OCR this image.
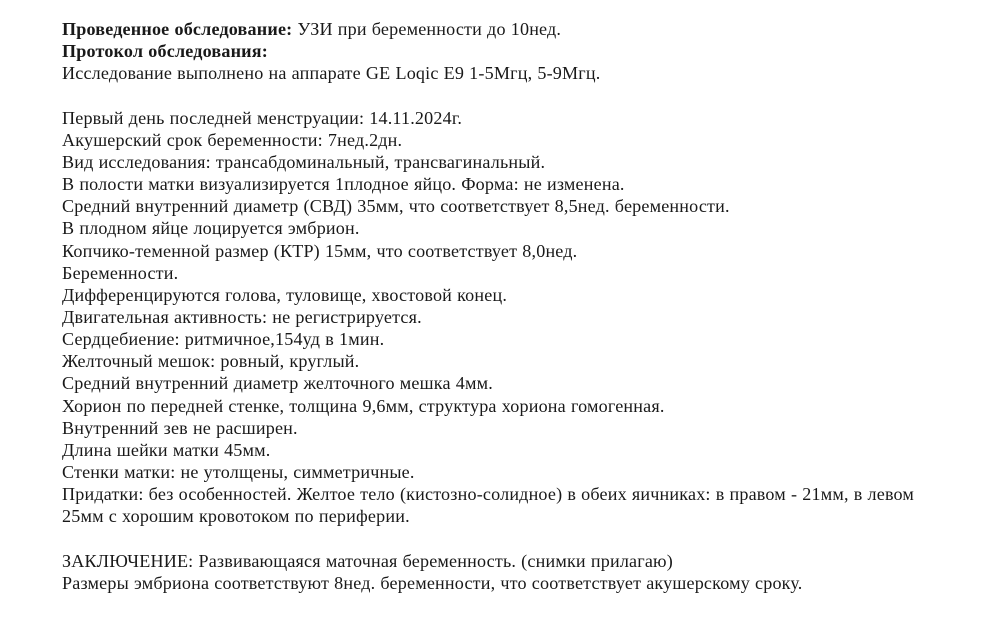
Проведенное обследование: УЗИ при беременности до 10нед.
Протокол обследования:
Исследование выполнено на аппарате GE Loqic E9 1-5Мгц, 5-9Мгц.

Первый день последней менструации: 14.11.2024г.
Акушерский срок беременности: 7нед.2дн.
Вид исследования: трансабдоминальный, трансвагинальный.
В полости матки визуализируется 1плодное яйцо. Форма: не изменена.
Средний внутренний диаметр (СВД) 35мм, что соответствует 8,5нед. беременности.
В плодном яйце лоцируется эмбрион.
Копчико-теменной размер (КТР) 15мм, что соответствует 8,0нед.
Беременности.
Дифференцируются голова, туловище, хвостовой конец.
Двигательная активность: не регистрируется.
Сердцебиение: ритмичное,154уд в 1мин.
Желточный мешок: ровный, круглый.
Средний внутренний диаметр желточного мешка 4мм.
Хорион по передней стенке, толщина 9,6мм, структура хориона гомогенная.
Внутренний зев не расширен.
Длина шейки матки 45мм.
Стенки матки: не утолщены, симметричные.
Придатки: без особенностей. Желтое тело (кистозно-солидное) в обеих яичниках: в правом - 21мм, в левом 25мм с хорошим кровотоком по периферии.

ЗАКЛЮЧЕНИЕ: Развивающаяся маточная беременность. (снимки прилагаю)
Размеры эмбриона соответствуют 8нед. беременности, что соответствует акушерскому сроку.
